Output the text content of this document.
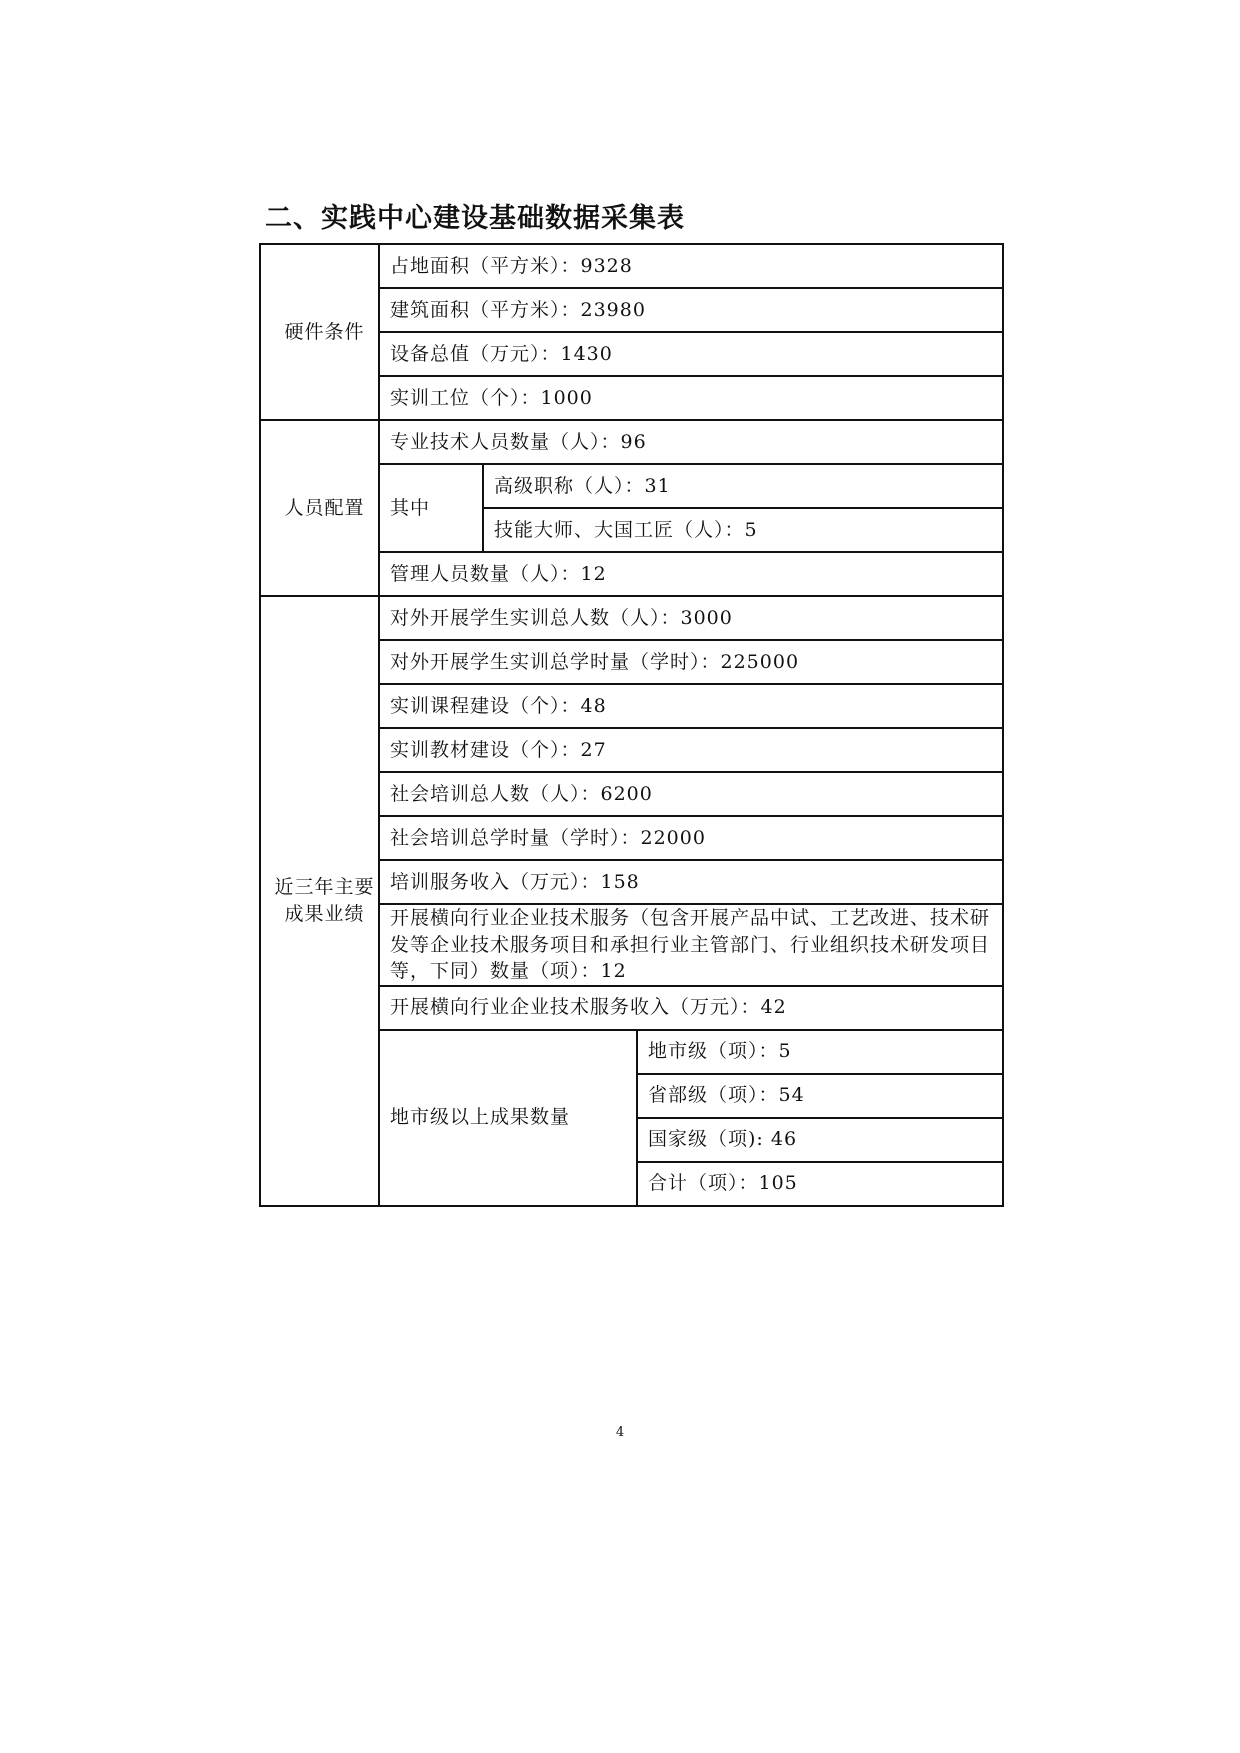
二、实践中心建设基础数据采集表
硬件条件	占地面积（平方米）：9328		
	建筑面积（平方米）：23980		
	设备总值（万元）：1430		
	实训工位（个）：1000		
人员配置	专业技术人员数量（人）：96		
	其中	高级职称（人）：31	
		技能大师、大国工匠（人）：5	
	管理人员数量（人）：12		
近三年主要成果业绩	对外开展学生实训总人数（人）：3000		
	对外开展学生实训总学时量（学时）：225000		
	实训课程建设（个）：48		
	实训教材建设（个）：27		
	社会培训总人数（人）：6200		
	社会培训总学时量（学时）：22000		
	培训服务收入（万元）：158		
	开展横向行业企业技术服务（包含开展产品中试、工艺改进、技术研发等企业技术服务项目和承担行业主管部门、行业组织技术研发项目等，下同）数量（项）：12		
	开展横向行业企业技术服务收入（万元）：42		
	地市级以上成果数量		地市级（项）：5
			省部级（项）：54
			国家级（项): 46
			合计（项）：105
4
